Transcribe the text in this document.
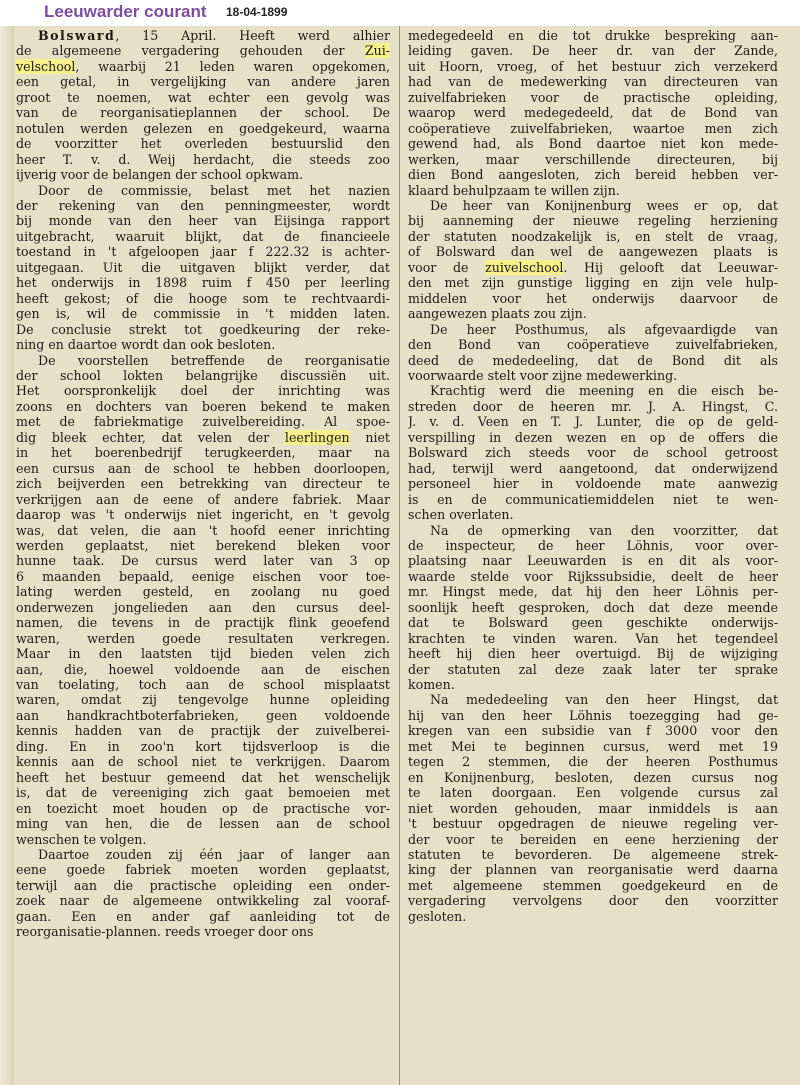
Leeuwarder courant 18-04-1899
Bolsward, 15 April. Heeft werd alhier
de algemeene vergadering gehouden der Zui-
velschool, waarbij 21 leden waren opgekomen,
een getal, in vergelijking van andere jaren
groot te noemen, wat echter een gevolg was
van de reorganisatieplannen der school. De
notulen werden gelezen en goedgekeurd, waarna
de voorzitter het overleden bestuurslid den
heer T. v. d. Weij herdacht, die steeds zoo
ijverig voor de belangen der school opkwam.
Door de commissie, belast met het nazien
der rekening van den penningmeester, wordt
bij monde van den heer van Eijsinga rapport
uitgebracht, waaruit blijkt, dat de financieele
toestand in 't afgeloopen jaar f 222.32 is achter-
uitgegaan. Uit die uitgaven blijkt verder, dat
het onderwijs in 1898 ruim f 450 per leerling
heeft gekost; of die hooge som te rechtvaardi-
gen is, wil de commissie in 't midden laten.
De conclusie strekt tot goedkeuring der reke-
ning en daartoe wordt dan ook besloten.
De voorstellen betreffende de reorganisatie
der school lokten belangrijke discussiën uit.
Het oorspronkelijk doel der inrichting was
zoons en dochters van boeren bekend te maken
met de fabriekmatige zuivelbereiding. Al spoe-
dig bleek echter, dat velen der leerlingen niet
in het boerenbedrijf terugkeerden, maar na
een cursus aan de school te hebben doorloopen,
zich beijverden een betrekking van directeur te
verkrijgen aan de eene of andere fabriek. Maar
daarop was 't onderwijs niet ingericht, en 't gevolg
was, dat velen, die aan 't hoofd eener inrichting
werden geplaatst, niet berekend bleken voor
hunne taak. De cursus werd later van 3 op
6 maanden bepaald, eenige eischen voor toe-
lating werden gesteld, en zoolang nu goed
onderwezen jongelieden aan den cursus deel-
namen, die tevens in de practijk flink geoefend
waren, werden goede resultaten verkregen.
Maar in den laatsten tijd bieden velen zich
aan, die, hoewel voldoende aan de eischen
van toelating, toch aan de school misplaatst
waren, omdat zij tengevolge hunne opleiding
aan handkrachtboterfabrieken, geen voldoende
kennis hadden van de practijk der zuivelberei-
ding. En in zoo'n kort tijdsverloop is die
kennis aan de school niet te verkrijgen. Daarom
heeft het bestuur gemeend dat het wenschelijk
is, dat de vereeniging zich gaat bemoeien met
en toezicht moet houden op de practische vor-
ming van hen, die de lessen aan de school
wenschen te volgen.
Daartoe zouden zij één jaar of langer aan
eene goede fabriek moeten worden geplaatst,
terwijl aan die practische opleiding een onder-
zoek naar de algemeene ontwikkeling zal vooraf-
gaan. Een en ander gaf aanleiding tot de
reorganisatie-plannen. reeds vroeger door ons
medegedeeld en die tot drukke bespreking aan-
leiding gaven. De heer dr. van der Zande,
uit Hoorn, vroeg, of het bestuur zich verzekerd
had van de medewerking van directeuren van
zuivelfabrieken voor de practische opleiding,
waarop werd medegedeeld, dat de Bond van
coöperatieve zuivelfabrieken, waartoe men zich
gewend had, als Bond daartoe niet kon mede-
werken, maar verschillende directeuren, bij
dien Bond aangesloten, zich bereid hebben ver-
klaard behulpzaam te willen zijn.
De heer van Konijnenburg wees er op, dat
bij aanneming der nieuwe regeling herziening
der statuten noodzakelijk is, en stelt de vraag,
of Bolsward dan wel de aangewezen plaats is
voor de zuivelschool. Hij gelooft dat Leeuwar-
den met zijn gunstige ligging en zijn vele hulp-
middelen voor het onderwijs daarvoor de
aangewezen plaats zou zijn.
De heer Posthumus, als afgevaardigde van
den Bond van coöperatieve zuivelfabrieken,
deed de mededeeling, dat de Bond dit als
voorwaarde stelt voor zijne medewerking.
Krachtig werd die meening en die eisch be-
streden door de heeren mr. J. A. Hingst, C.
J. v. d. Veen en T. J. Lunter, die op de geld-
verspilling in dezen wezen en op de offers die
Bolsward zich steeds voor de school getroost
had, terwijl werd aangetoond, dat onderwijzend
personeel hier in voldoende mate aanwezig
is en de communicatiemiddelen niet te wen-
schen overlaten.
Na de opmerking van den voorzitter, dat
de inspecteur, de heer Löhnis, voor over-
plaatsing naar Leeuwarden is en dit als voor-
waarde stelde voor Rijkssubsidie, deelt de heer
mr. Hingst mede, dat hij den heer Löhnis per-
soonlijk heeft gesproken, doch dat deze meende
dat te Bolsward geen geschikte onderwijs-
krachten te vinden waren. Van het tegendeel
heeft hij dien heer overtuigd. Bij de wijziging
der statuten zal deze zaak later ter sprake
komen.
Na mededeeling van den heer Hingst, dat
hij van den heer Löhnis toezegging had ge-
kregen van een subsidie van f 3000 voor den
met Mei te beginnen cursus, werd met 19
tegen 2 stemmen, die der heeren Posthumus
en Konijnenburg, besloten, dezen cursus nog
te laten doorgaan. Een volgende cursus zal
niet worden gehouden, maar inmiddels is aan
't bestuur opgedragen de nieuwe regeling ver-
der voor te bereiden en eene herziening der
statuten te bevorderen. De algemeene strek-
king der plannen van reorganisatie werd daarna
met algemeene stemmen goedgekeurd en de
vergadering vervolgens door den voorzitter
gesloten.
